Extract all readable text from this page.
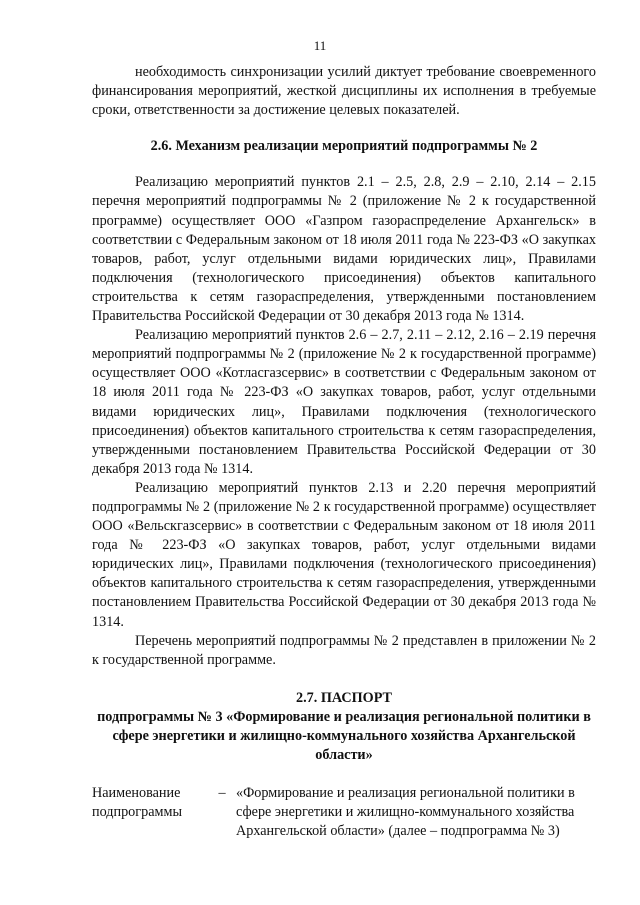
11

необходимость синхронизации усилий диктует требование своевременного финансирования мероприятий, жесткой дисциплины их исполнения в требуемые сроки, ответственности за достижение целевых показателей.

2.6. Механизм реализации мероприятий подпрограммы № 2

Реализацию мероприятий пунктов 2.1 – 2.5, 2.8, 2.9 – 2.10, 2.14 – 2.15 перечня мероприятий подпрограммы № 2 (приложение № 2 к государственной программе) осуществляет ООО «Газпром газораспределение Архангельск» в соответствии с Федеральным законом от 18 июля 2011 года № 223-ФЗ «О закупках товаров, работ, услуг отдельными видами юридических лиц», Правилами подключения (технологического присоединения) объектов капитального строительства к сетям газораспределения, утвержденными постановлением Правительства Российской Федерации от 30 декабря 2013 года № 1314.

Реализацию мероприятий пунктов 2.6 – 2.7, 2.11 – 2.12, 2.16 – 2.19 перечня мероприятий подпрограммы № 2 (приложение № 2 к государственной программе) осуществляет ООО «Котласгазсервис» в соответствии с Федеральным законом от 18 июля 2011 года № 223-ФЗ «О закупках товаров, работ, услуг отдельными видами юридических лиц», Правилами подключения (технологического присоединения) объектов капитального строительства к сетям газораспределения, утвержденными постановлением Правительства Российской Федерации от 30 декабря 2013 года № 1314.

Реализацию мероприятий пунктов 2.13 и 2.20 перечня мероприятий подпрограммы № 2 (приложение № 2 к государственной программе) осуществляет ООО «Вельскгазсервис» в соответствии с Федеральным законом от 18 июля 2011 года № 223-ФЗ «О закупках товаров, работ, услуг отдельными видами юридических лиц», Правилами подключения (технологического присоединения) объектов капитального строительства к сетям газораспределения, утвержденными постановлением Правительства Российской Федерации от 30 декабря 2013 года № 1314.

Перечень мероприятий подпрограммы № 2 представлен в приложении № 2 к государственной программе.

2.7. ПАСПОРТ

подпрограммы № 3 «Формирование и реализация региональной политики в сфере энергетики и жилищно-коммунального хозяйства Архангельской области»

Наименование подпрограммы
– «Формирование и реализация региональной политики в сфере энергетики и жилищно-коммунального хозяйства Архангельской области» (далее – подпрограмма № 3)
